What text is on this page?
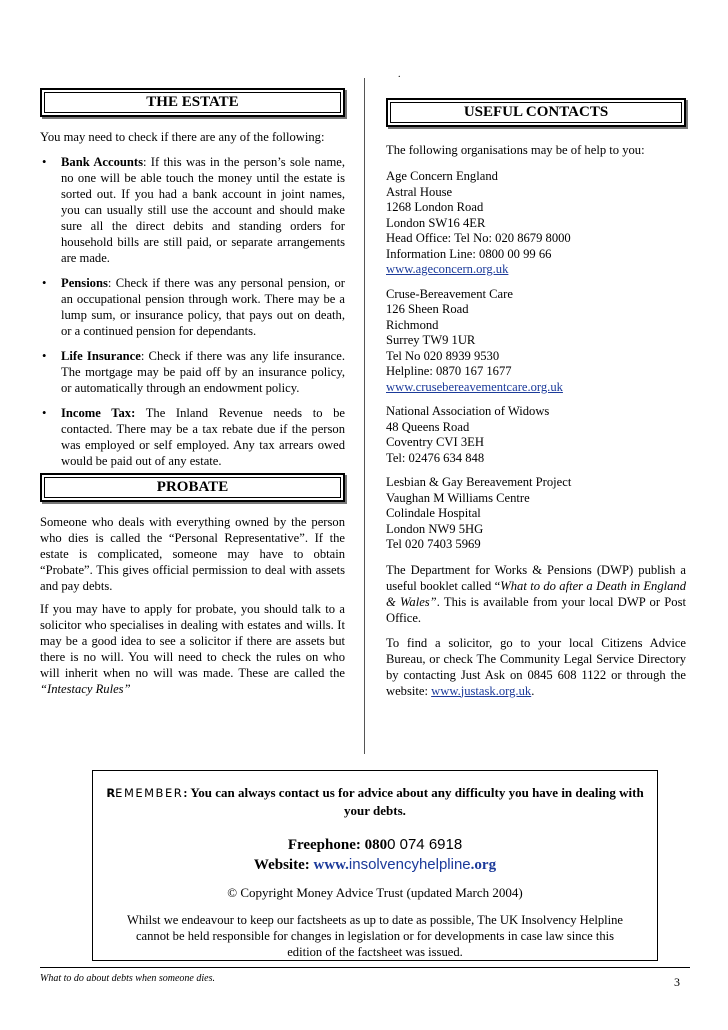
.
THE ESTATE

You may need to check if there are any of the following:

• Bank Accounts: If this was in the person’s sole name, no one will be able touch the money until the estate is sorted out. If you had a bank account in joint names, you can usually still use the account and should make sure all the direct debits and standing orders for household bills are still paid, or separate arrangements are made.
• Pensions: Check if there was any personal pension, or an occupational pension through work. There may be a lump sum, or insurance policy, that pays out on death, or a continued pension for dependants.
• Life Insurance: Check if there was any life insurance. The mortgage may be paid off by an insurance policy, or automatically through an endowment policy.
• Income Tax: The Inland Revenue needs to be contacted. There may be a tax rebate due if the person was employed or self employed. Any tax arrears owed would be paid out of any estate.
PROBATE

Someone who deals with everything owned by the person who dies is called the “Personal Representative”. If the estate is complicated, someone may have to obtain “Probate”. This gives official permission to deal with assets and pay debts.

If you may have to apply for probate, you should talk to a solicitor who specialises in dealing with estates and wills. It may be a good idea to see a solicitor if there are assets but there is no will. You will need to check the rules on who will inherit when no will was made. These are called the “Intestacy Rules”

USEFUL CONTACTS

The following organisations may be of help to you:

Age Concern England
Astral House
1268 London Road
London SW16 4ER
Head Office: Tel No: 020 8679 8000
Information Line: 0800 00 99 66
www.ageconcern.org.uk
Cruse-Bereavement Care
126 Sheen Road
Richmond
Surrey TW9 1UR
Tel No 020 8939 9530
Helpline: 0870 167 1677
www.crusebereavementcare.org.uk
National Association of Widows
48 Queens Road
Coventry CVI 3EH
Tel: 02476 634 848
Lesbian & Gay Bereavement Project
Vaughan M Williams Centre
Colindale Hospital
London NW9 5HG
Tel 020 7403 5969

The Department for Works & Pensions (DWP) publish a useful booklet called “What to do after a Death in England & Wales”. This is available from your local DWP or Post Office.

To find a solicitor, go to your local Citizens Advice Bureau, or check The Community Legal Service Directory by contacting Just Ask on 0845 608 1122 or through the website: www.justask.org.uk.

REMEMBER: You can always contact us for advice about any difficulty you have in dealing with your debts.
Freephone: 0800 074 6918
Website: www.insolvencyhelpline.org
© Copyright Money Advice Trust (updated March 2004)
Whilst we endeavour to keep our factsheets as up to date as possible, The UK Insolvency Helpline cannot be held responsible for changes in legislation or for developments in case law since this edition of the factsheet was issued.
What to do about debts when someone dies.	3
